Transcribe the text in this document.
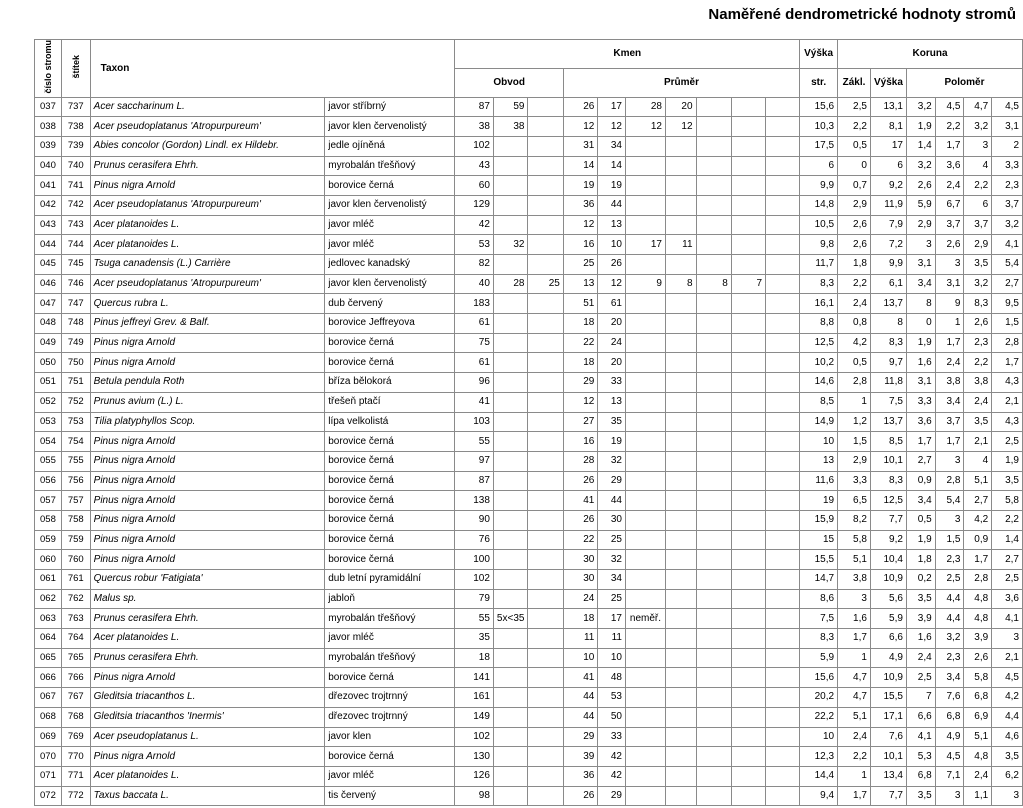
Naměřené dendrometrické hodnoty stromů
číslo stromu	štítek	Taxon		Kmen										Výška	Koruna					
				Obvod			Průměr							str.	Zákl.	Výška	Poloměr			
037	737	Acer saccharinum L.	javor stříbrný	87	59		26	17	28	20				15,6	2,5	13,1	3,2	4,5	4,7	4,5
038	738	Acer pseudoplatanus 'Atropurpureum'	javor klen červenolistý	38	38		12	12	12	12				10,3	2,2	8,1	1,9	2,2	3,2	3,1
039	739	Abies concolor (Gordon) Lindl. ex Hildebr.	jedle ojíněná	102			31	34						17,5	0,5	17	1,4	1,7	3	2
040	740	Prunus cerasifera Ehrh.	myrobalán třešňový	43			14	14						6	0	6	3,2	3,6	4	3,3
041	741	Pinus nigra Arnold	borovice černá	60			19	19						9,9	0,7	9,2	2,6	2,4	2,2	2,3
042	742	Acer pseudoplatanus 'Atropurpureum'	javor klen červenolistý	129			36	44						14,8	2,9	11,9	5,9	6,7	6	3,7
043	743	Acer platanoides L.	javor mléč	42			12	13						10,5	2,6	7,9	2,9	3,7	3,7	3,2
044	744	Acer platanoides L.	javor mléč	53	32		16	10	17	11				9,8	2,6	7,2	3	2,6	2,9	4,1
045	745	Tsuga canadensis (L.) Carrière	jedlovec kanadský	82			25	26						11,7	1,8	9,9	3,1	3	3,5	5,4
046	746	Acer pseudoplatanus 'Atropurpureum'	javor klen červenolistý	40	28	25	13	12	9	8	8	7		8,3	2,2	6,1	3,4	3,1	3,2	2,7
047	747	Quercus rubra L.	dub červený	183			51	61						16,1	2,4	13,7	8	9	8,3	9,5
048	748	Pinus jeffreyi Grev. & Balf.	borovice Jeffreyova	61			18	20						8,8	0,8	8	0	1	2,6	1,5
049	749	Pinus nigra Arnold	borovice černá	75			22	24						12,5	4,2	8,3	1,9	1,7	2,3	2,8
050	750	Pinus nigra Arnold	borovice černá	61			18	20						10,2	0,5	9,7	1,6	2,4	2,2	1,7
051	751	Betula pendula Roth	bříza bělokorá	96			29	33						14,6	2,8	11,8	3,1	3,8	3,8	4,3
052	752	Prunus avium (L.) L.	třešeň ptačí	41			12	13						8,5	1	7,5	3,3	3,4	2,4	2,1
053	753	Tilia platyphyllos Scop.	lípa velkolistá	103			27	35						14,9	1,2	13,7	3,6	3,7	3,5	4,3
054	754	Pinus nigra Arnold	borovice černá	55			16	19						10	1,5	8,5	1,7	1,7	2,1	2,5
055	755	Pinus nigra Arnold	borovice černá	97			28	32						13	2,9	10,1	2,7	3	4	1,9
056	756	Pinus nigra Arnold	borovice černá	87			26	29						11,6	3,3	8,3	0,9	2,8	5,1	3,5
057	757	Pinus nigra Arnold	borovice černá	138			41	44						19	6,5	12,5	3,4	5,4	2,7	5,8
058	758	Pinus nigra Arnold	borovice černá	90			26	30						15,9	8,2	7,7	0,5	3	4,2	2,2
059	759	Pinus nigra Arnold	borovice černá	76			22	25						15	5,8	9,2	1,9	1,5	0,9	1,4
060	760	Pinus nigra Arnold	borovice černá	100			30	32						15,5	5,1	10,4	1,8	2,3	1,7	2,7
061	761	Quercus robur 'Fatigiata'	dub letní pyramidální	102			30	34						14,7	3,8	10,9	0,2	2,5	2,8	2,5
062	762	Malus sp.	jabloň	79			24	25						8,6	3	5,6	3,5	4,4	4,8	3,6
063	763	Prunus cerasifera Ehrh.	myrobalán třešňový	55	5x<35		18	17	neměř.					7,5	1,6	5,9	3,9	4,4	4,8	4,1
064	764	Acer platanoides L.	javor mléč	35			11	11						8,3	1,7	6,6	1,6	3,2	3,9	3
065	765	Prunus cerasifera Ehrh.	myrobalán třešňový	18			10	10						5,9	1	4,9	2,4	2,3	2,6	2,1
066	766	Pinus nigra Arnold	borovice černá	141			41	48						15,6	4,7	10,9	2,5	3,4	5,8	4,5
067	767	Gleditsia triacanthos L.	dřezovec trojtrnný	161			44	53						20,2	4,7	15,5	7	7,6	6,8	4,2
068	768	Gleditsia triacanthos 'Inermis'	dřezovec trojtrnný	149			44	50						22,2	5,1	17,1	6,6	6,8	6,9	4,4
069	769	Acer pseudoplatanus L.	javor klen	102			29	33						10	2,4	7,6	4,1	4,9	5,1	4,6
070	770	Pinus nigra Arnold	borovice černá	130			39	42						12,3	2,2	10,1	5,3	4,5	4,8	3,5
071	771	Acer platanoides L.	javor mléč	126			36	42						14,4	1	13,4	6,8	7,1	2,4	6,2
072	772	Taxus baccata L.	tis červený	98			26	29						9,4	1,7	7,7	3,5	3	1,1	3
